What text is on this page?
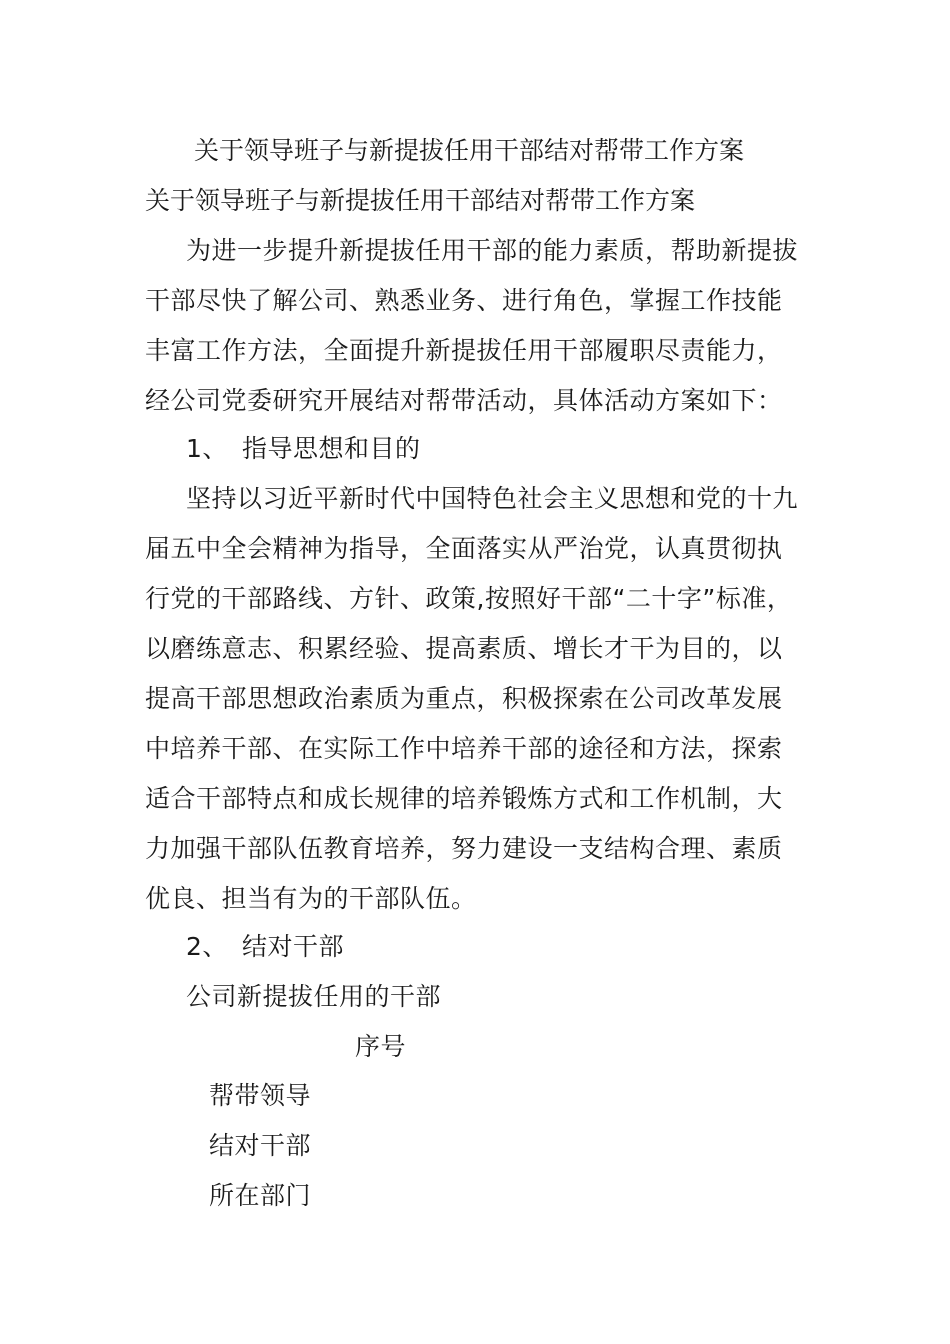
关于领导班子与新提拔任用干部结对帮带工作方案
关于领导班子与新提拔任用干部结对帮带工作方案
为进一步提升新提拔任用干部的能力素质，帮助新提拔
干部尽快了解公司、熟悉业务、进行角色，掌握工作技能
丰富工作方法，全面提升新提拔任用干部履职尽责能力，
经公司党委研究开展结对帮带活动，具体活动方案如下：
1、 指导思想和目的
坚持以习近平新时代中国特色社会主义思想和党的十九
届五中全会精神为指导，全面落实从严治党，认真贯彻执
行党的干部路线、方针、政策,按照好干部“二十字”标准，
以磨练意志、积累经验、提高素质、增长才干为目的，以
提高干部思想政治素质为重点，积极探索在公司改革发展
中培养干部、在实际工作中培养干部的途径和方法，探索
适合干部特点和成长规律的培养锻炼方式和工作机制，大
力加强干部队伍教育培养，努力建设一支结构合理、素质
优良、担当有为的干部队伍。
2、 结对干部
公司新提拔任用的干部
序号
帮带领导
结对干部
所在部门
